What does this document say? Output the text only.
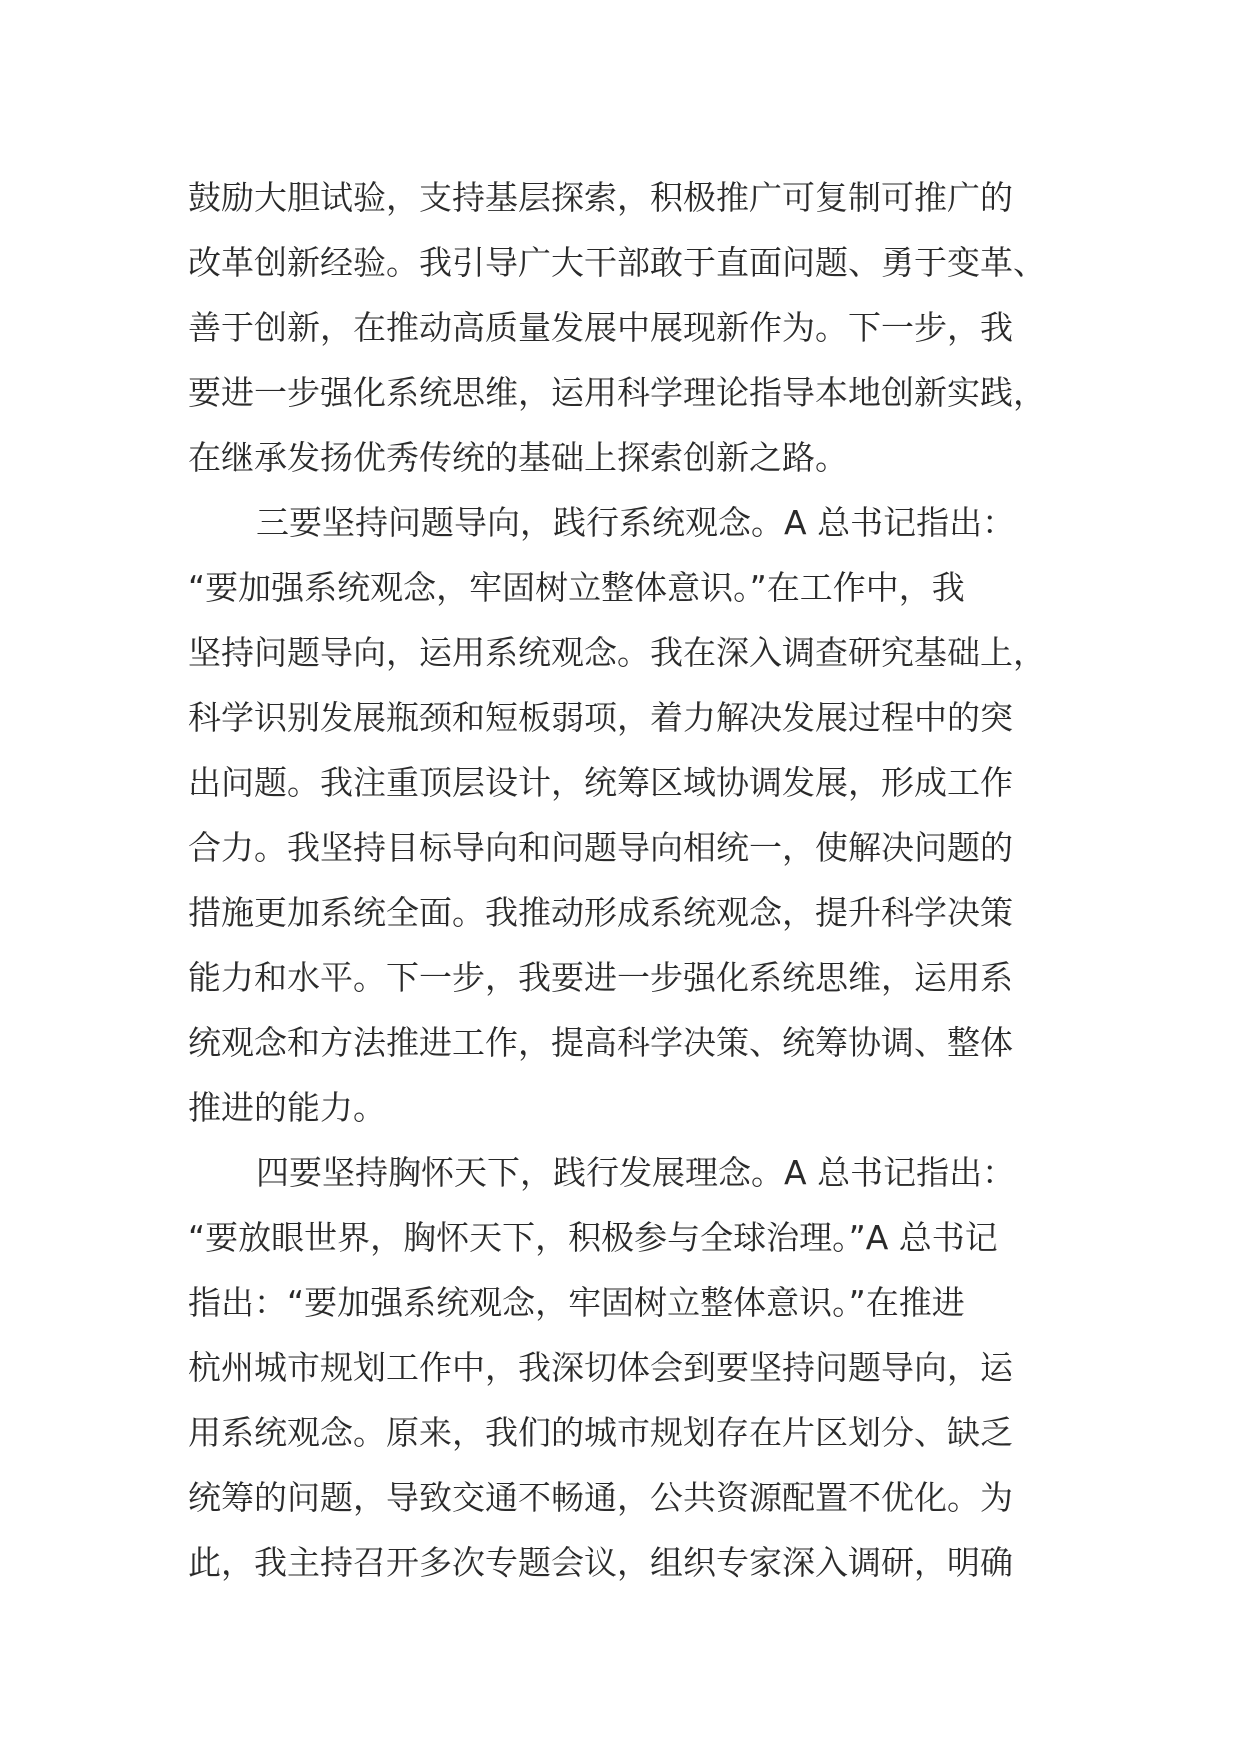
鼓励大胆试验，支持基层探索，积极推广可复制可推广的
改革创新经验。我引导广大干部敢于直面问题、勇于变革、
善于创新，在推动高质量发展中展现新作为。下一步，我
要进一步强化系统思维，运用科学理论指导本地创新实践，
在继承发扬优秀传统的基础上探索创新之路。
三要坚持问题导向，践行系统观念。A 总书记指出：
“要加强系统观念，牢固树立整体意识。”在工作中，我
坚持问题导向，运用系统观念。我在深入调查研究基础上，
科学识别发展瓶颈和短板弱项，着力解决发展过程中的突
出问题。我注重顶层设计，统筹区域协调发展，形成工作
合力。我坚持目标导向和问题导向相统一，使解决问题的
措施更加系统全面。我推动形成系统观念，提升科学决策
能力和水平。下一步，我要进一步强化系统思维，运用系
统观念和方法推进工作，提高科学决策、统筹协调、整体
推进的能力。
四要坚持胸怀天下，践行发展理念。A 总书记指出：
“要放眼世界，胸怀天下，积极参与全球治理。”A 总书记
指出：“要加强系统观念，牢固树立整体意识。”在推进
杭州城市规划工作中，我深切体会到要坚持问题导向，运
用系统观念。原来，我们的城市规划存在片区划分、缺乏
统筹的问题，导致交通不畅通，公共资源配置不优化。为
此，我主持召开多次专题会议，组织专家深入调研，明确
